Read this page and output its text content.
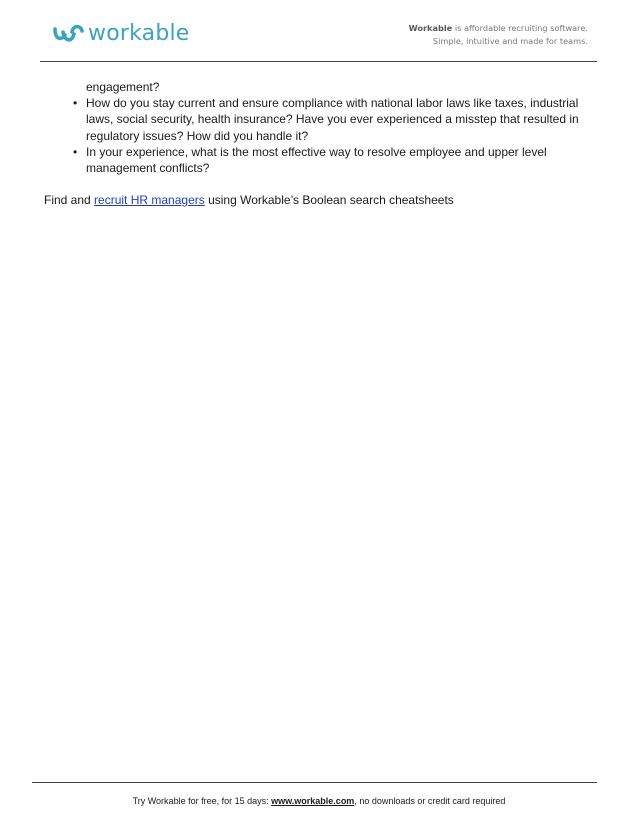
workable	Workable is affordable recruiting software.
Simple, intuitive and made for teams.
engagement?
• How do you stay current and ensure compliance with national labor laws like taxes, industrial laws, social security, health insurance? Have you ever experienced a misstep that resulted in regulatory issues? How did you handle it?
• In your experience, what is the most effective way to resolve employee and upper level management conflicts?
Find and recruit HR managers using Workable’s Boolean search cheatsheets
Try Workable for free, for 15 days: www.workable.com, no downloads or credit card required
